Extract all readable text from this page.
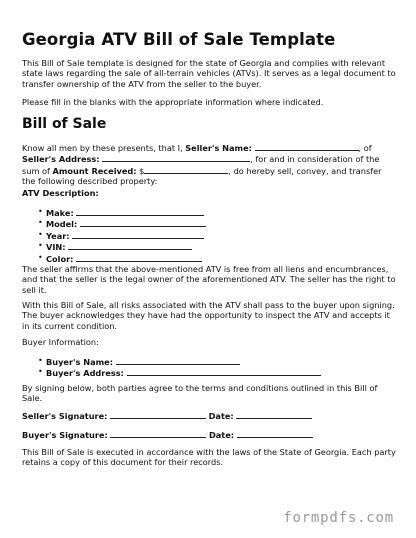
Georgia ATV Bill of Sale Template

This Bill of Sale template is designed for the state of Georgia and complies with relevant state laws regarding the sale of all-terrain vehicles (ATVs). It serves as a legal document to transfer ownership of the ATV from the seller to the buyer.

Please fill in the blanks with the appropriate information where indicated.

Bill of Sale

Know all men by these presents, that I, Seller's Name:	, of Seller's Address:	, for and in consideration of the sum of Amount Received: $	, do hereby sell, convey, and transfer the following described property:

ATV Description:

• Make:
• Model:
• Year:
• VIN:
• Color:

The seller affirms that the above-mentioned ATV is free from all liens and encumbrances, and that the seller is the legal owner of the aforementioned ATV. The seller has the right to sell it.

With this Bill of Sale, all risks associated with the ATV shall pass to the buyer upon signing. The buyer acknowledges they have had the opportunity to inspect the ATV and accepts it in its current condition.

Buyer Information:

• Buyer's Name:
• Buyer's Address:

By signing below, both parties agree to the terms and conditions outlined in this Bill of Sale.

Seller's Signature:	Date:

Buyer's Signature:	Date:

This Bill of Sale is executed in accordance with the laws of the State of Georgia. Each party retains a copy of this document for their records.

formpdfs.com
